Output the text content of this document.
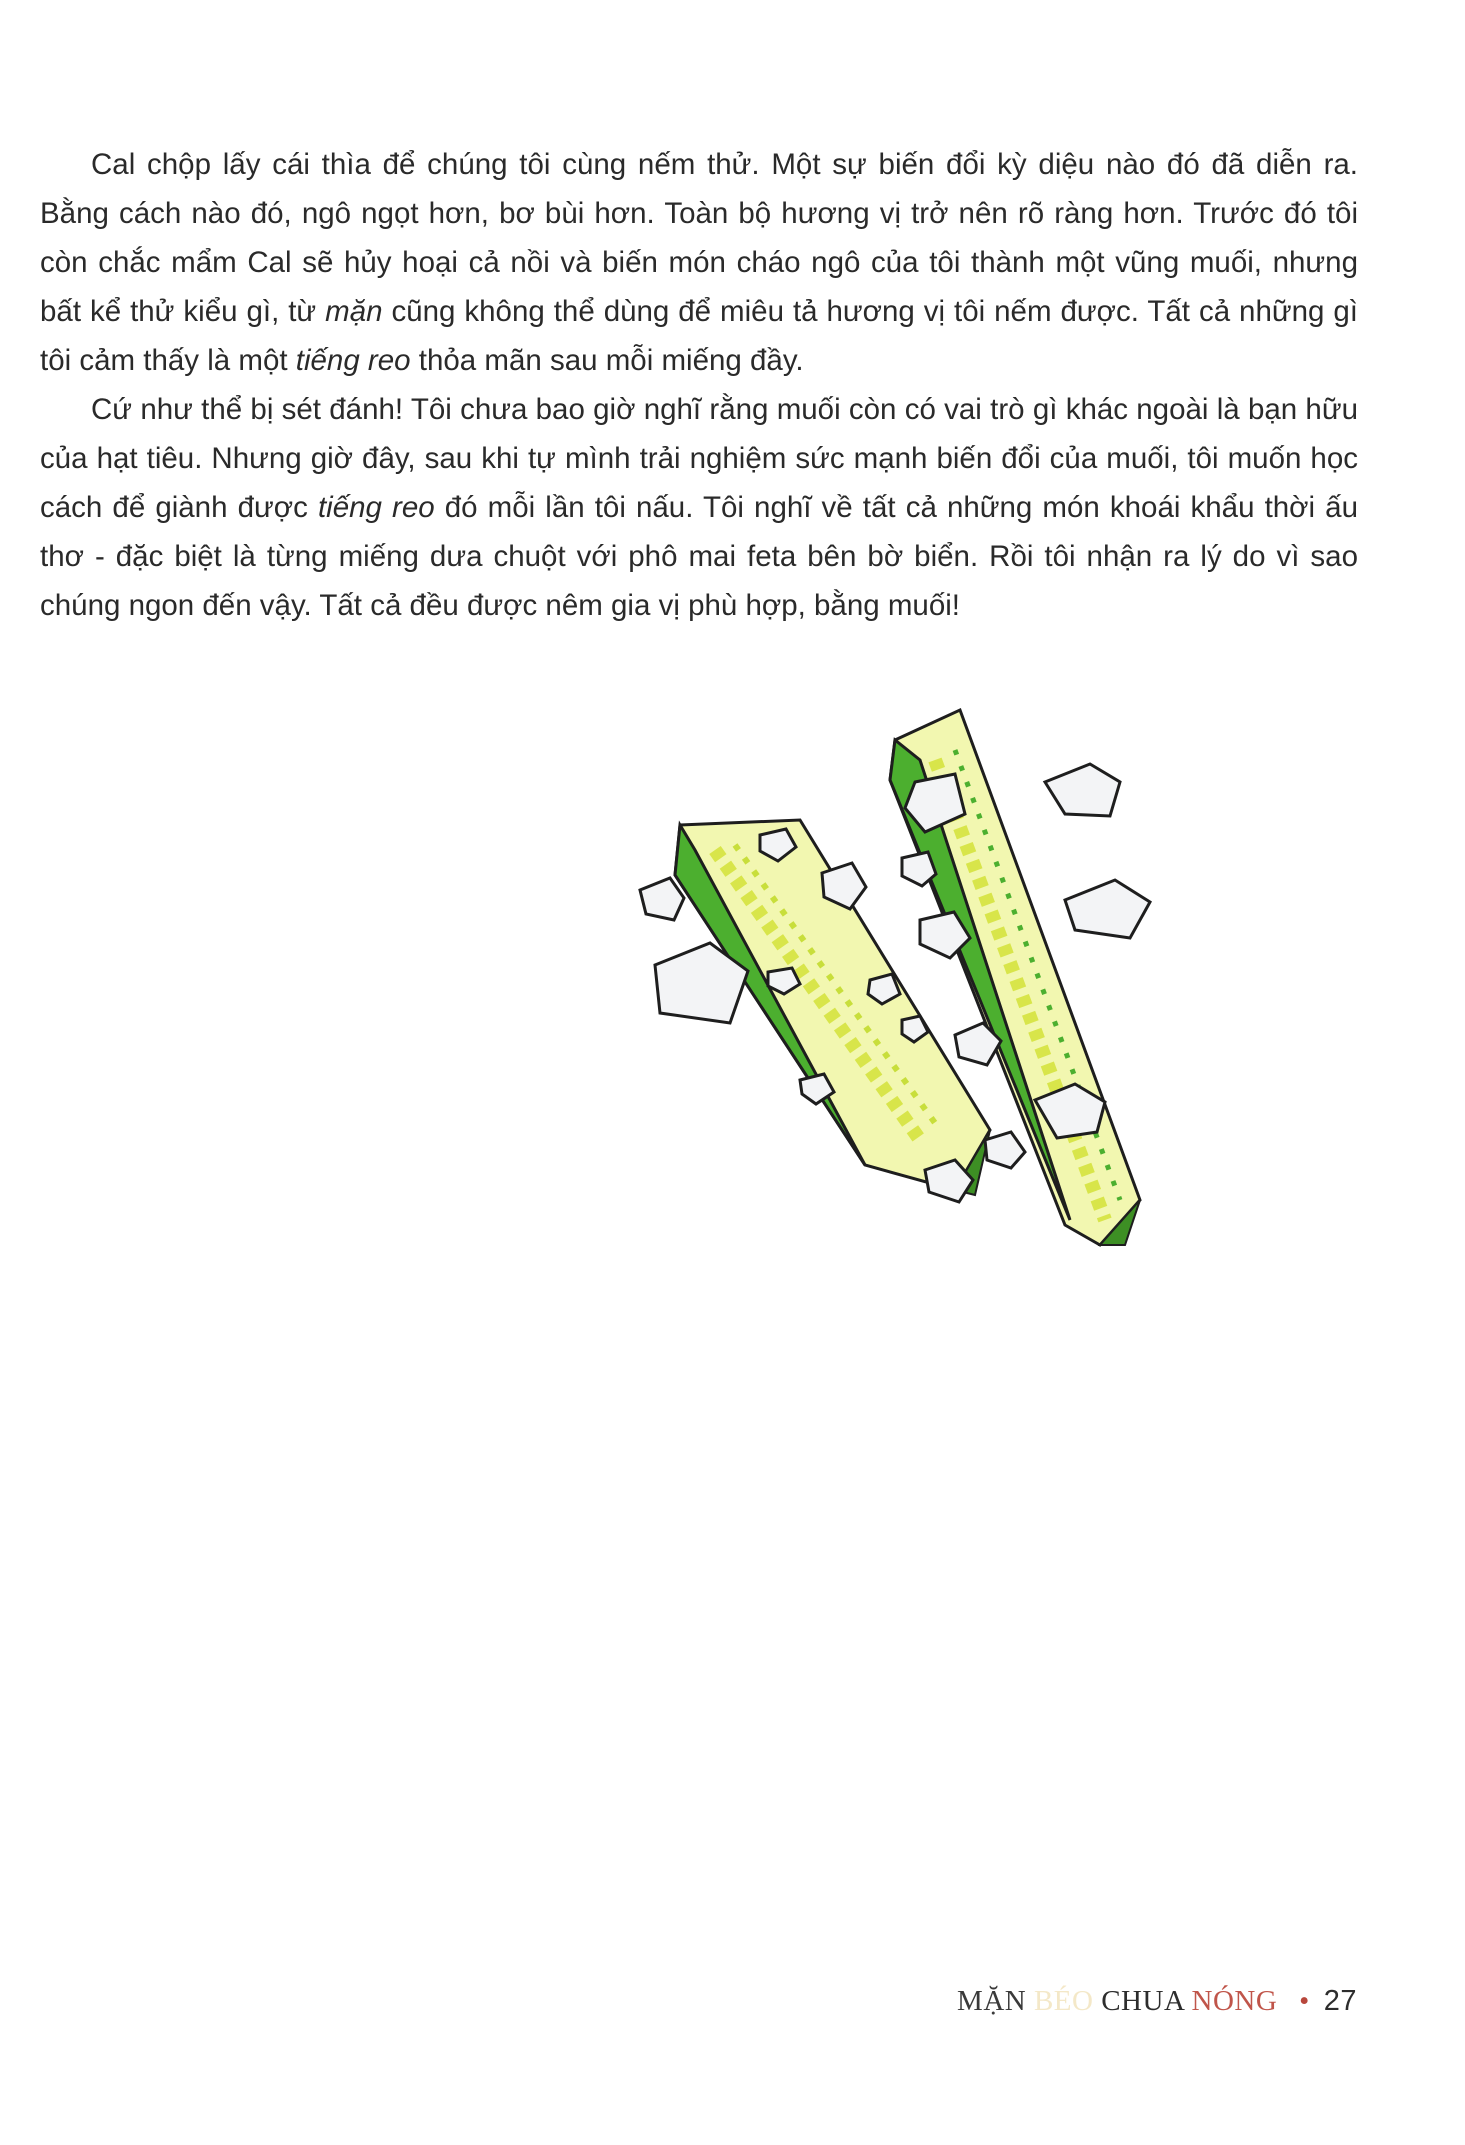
Cal chộp lấy cái thìa để chúng tôi cùng nếm thử. Một sự biến đổi kỳ diệu nào đó đã diễn ra. Bằng cách nào đó, ngô ngọt hơn, bơ bùi hơn. Toàn bộ hương vị trở nên rõ ràng hơn. Trước đó tôi còn chắc mẩm Cal sẽ hủy hoại cả nồi và biến món cháo ngô của tôi thành một vũng muối, nhưng bất kể thử kiểu gì, từ mặn cũng không thể dùng để miêu tả hương vị tôi nếm được. Tất cả những gì tôi cảm thấy là một tiếng reo thỏa mãn sau mỗi miếng đầy.

Cứ như thể bị sét đánh! Tôi chưa bao giờ nghĩ rằng muối còn có vai trò gì khác ngoài là bạn hữu của hạt tiêu. Nhưng giờ đây, sau khi tự mình trải nghiệm sức mạnh biến đổi của muối, tôi muốn học cách để giành được tiếng reo đó mỗi lần tôi nấu. Tôi nghĩ về tất cả những món khoái khẩu thời ấu thơ - đặc biệt là từng miếng dưa chuột với phô mai feta bên bờ biển. Rồi tôi nhận ra lý do vì sao chúng ngon đến vậy. Tất cả đều được nêm gia vị phù hợp, bằng muối!

MẶN BÉO CHUA NÓNG • 27
